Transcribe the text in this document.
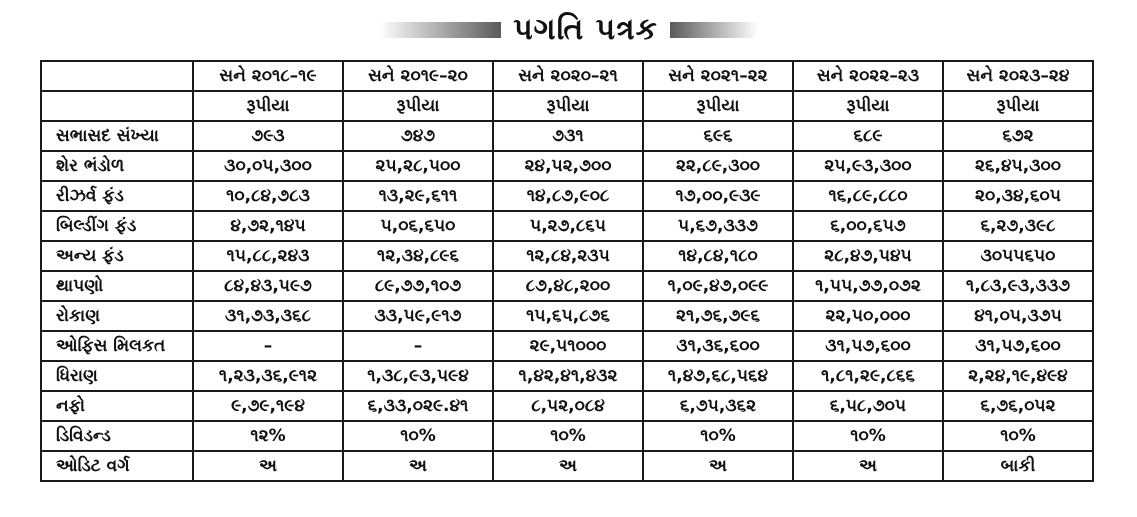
પગતિ પત્રક
	સને ૨૦૧૮–૧૯	સને ૨૦૧૯–૨૦	સને ૨૦૨૦–૨૧	સને ૨૦૨૧–૨૨	સને ૨૦૨૨–૨૩	સને ૨૦૨૩–૨૪
	રૂપીયા	રૂપીયા	રૂપીયા	રૂપીયા	રૂપીયા	રૂપીયા
સભાસદ સંખ્યા	૭૯૩	૭૪૭	૭૩૧	૬૯૬	૬૮૯	૬૭૨
શેર ભંડોળ	૩૦,૦૫,૩૦૦	૨૫,૨૮,૫૦૦	૨૪,૫૨,૭૦૦	૨૨,૮૯,૩૦૦	૨૫,૯૩,૩૦૦	૨૬,૪૫,૩૦૦
રીઝર્વ ફંડ	૧૦,૮૪,૭૮૩	૧૩,૨૯,૬૧૧	૧૪,૮૭,૯૦૮	૧૭,૦૦,૯૩૯	૧૬,૮૯,૮૮૦	૨૦,૩૪,૬૦૫
બિલ્ડીંગ ફંડ	૪,૭૨,૧૪૫	૫,૦૬,૬૫૦	૫,૨૭,૮૬૫	૫,૬૭,૩૩૭	૬,૦૦,૬૫૭	૬,૨૭,૩૯૮
અન્ય ફંડ	૧૫,૮૮,૨૪૩	૧૨,૩૪,૮૯૬	૧૨,૮૪,૨૩૫	૧૪,૮૪,૧૮૦	૨૮,૪૭,૫૪૫	૩૦૫૫૬૫૦
થાપણો	૮૪,૪૩,૫૯૭	૮૯,૭૭,૧૦૭	૮૭,૪૮,૨૦૦	૧,૦૯,૪૭,૦૯૯	૧,૫૫,૭૭,૦૭૨	૧,૮૩,૯૩,૩૩૭
રોકાણ	૩૧,૭૩,૩૬૮	૩૩,૫૯,૯૧૭	૧૫,૬૫,૮૭૬	૨૧,૭૬,૭૯૬	૨૨,૫૦,૦૦૦	૪૧,૦૫,૩૭૫
ઓફિસ મિલકત	–	–	૨૯,૫૧૦૦૦	૩૧,૩૬,૬૦૦	૩૧,૫૭,૬૦૦	૩૧,૫૭,૬૦૦
ધિરાણ	૧,૨૩,૩૬,૯૧૨	૧,૩૮,૯૩,૫૯૪	૧,૪૨,૪૧,૪૩૨	૧,૪૭,૬૮,૫૬૪	૧,૮૧,૨૯,૮૬૬	૨,૨૪,૧૯,૪૯૪
નફો	૯,૭૯,૧૯૪	૬,૩૩,૦૨૯.૪૧	૮,૫૨,૦૮૪	૬,૭૫,૩૬૨	૬,૫૮,૭૦૫	૬,૭૬,૦૫૨
ડિવિડન્ડ	૧૨%	૧૦%	૧૦%	૧૦%	૧૦%	૧૦%
ઓડિટ વર્ગ	અ	અ	અ	અ	અ	બાકી
